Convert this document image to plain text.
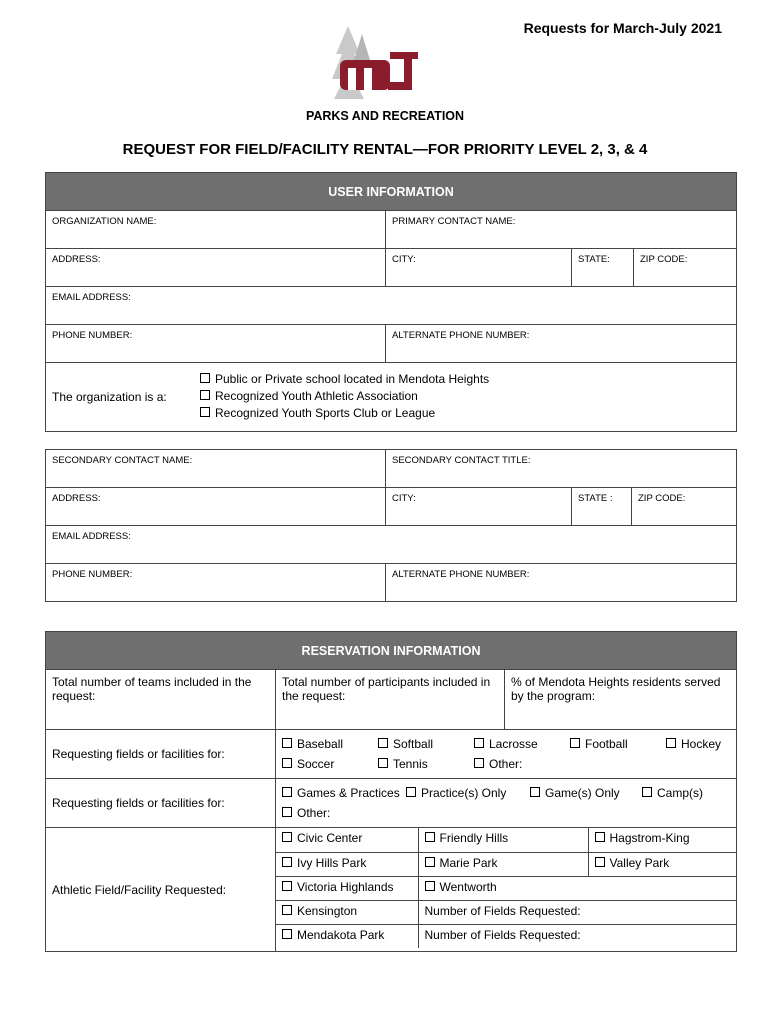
Requests for March-July 2021
PARKS AND RECREATION
REQUEST FOR FIELD/FACILITY RENTAL—FOR PRIORITY LEVEL 2, 3, & 4
USER INFORMATION			
ORGANIZATION NAME:	PRIMARY CONTACT NAME:		
ADDRESS:	CITY:	STATE:	ZIP CODE:
EMAIL ADDRESS:			
PHONE NUMBER:	ALTERNATE PHONE NUMBER:		

The organization is a:
Public or Private school located in Mendota Heights
Recognized Youth Athletic Association
Recognized Youth Sports Club or League			
SECONDARY CONTACT NAME:	SECONDARY CONTACT TITLE:		
ADDRESS:	CITY:	STATE :	ZIP CODE:
EMAIL ADDRESS:			
PHONE NUMBER:	ALTERNATE PHONE NUMBER:		
RESERVATION INFORMATION
Total number of teams included in the request:	Total number of participants included in the request:	% of Mendota Heights residents served by the program:
Requesting fields or facilities for:	
Baseball	Softball	Lacrosse	Football	Hockey
Soccer	Tennis	Other:

Requesting fields or facilities for:	
Games & Practices	Practice(s) Only	Game(s) Only	Camp(s)
Other:

Athletic Field/Facility Requested:	
Civic Center	Friendly Hills	Hagstrom-King
Ivy Hills Park	Marie Park	Valley Park
Victoria Highlands	Wentworth
Kensington	Number of Fields Requested:
Mendakota Park	Number of Fields Requested:
